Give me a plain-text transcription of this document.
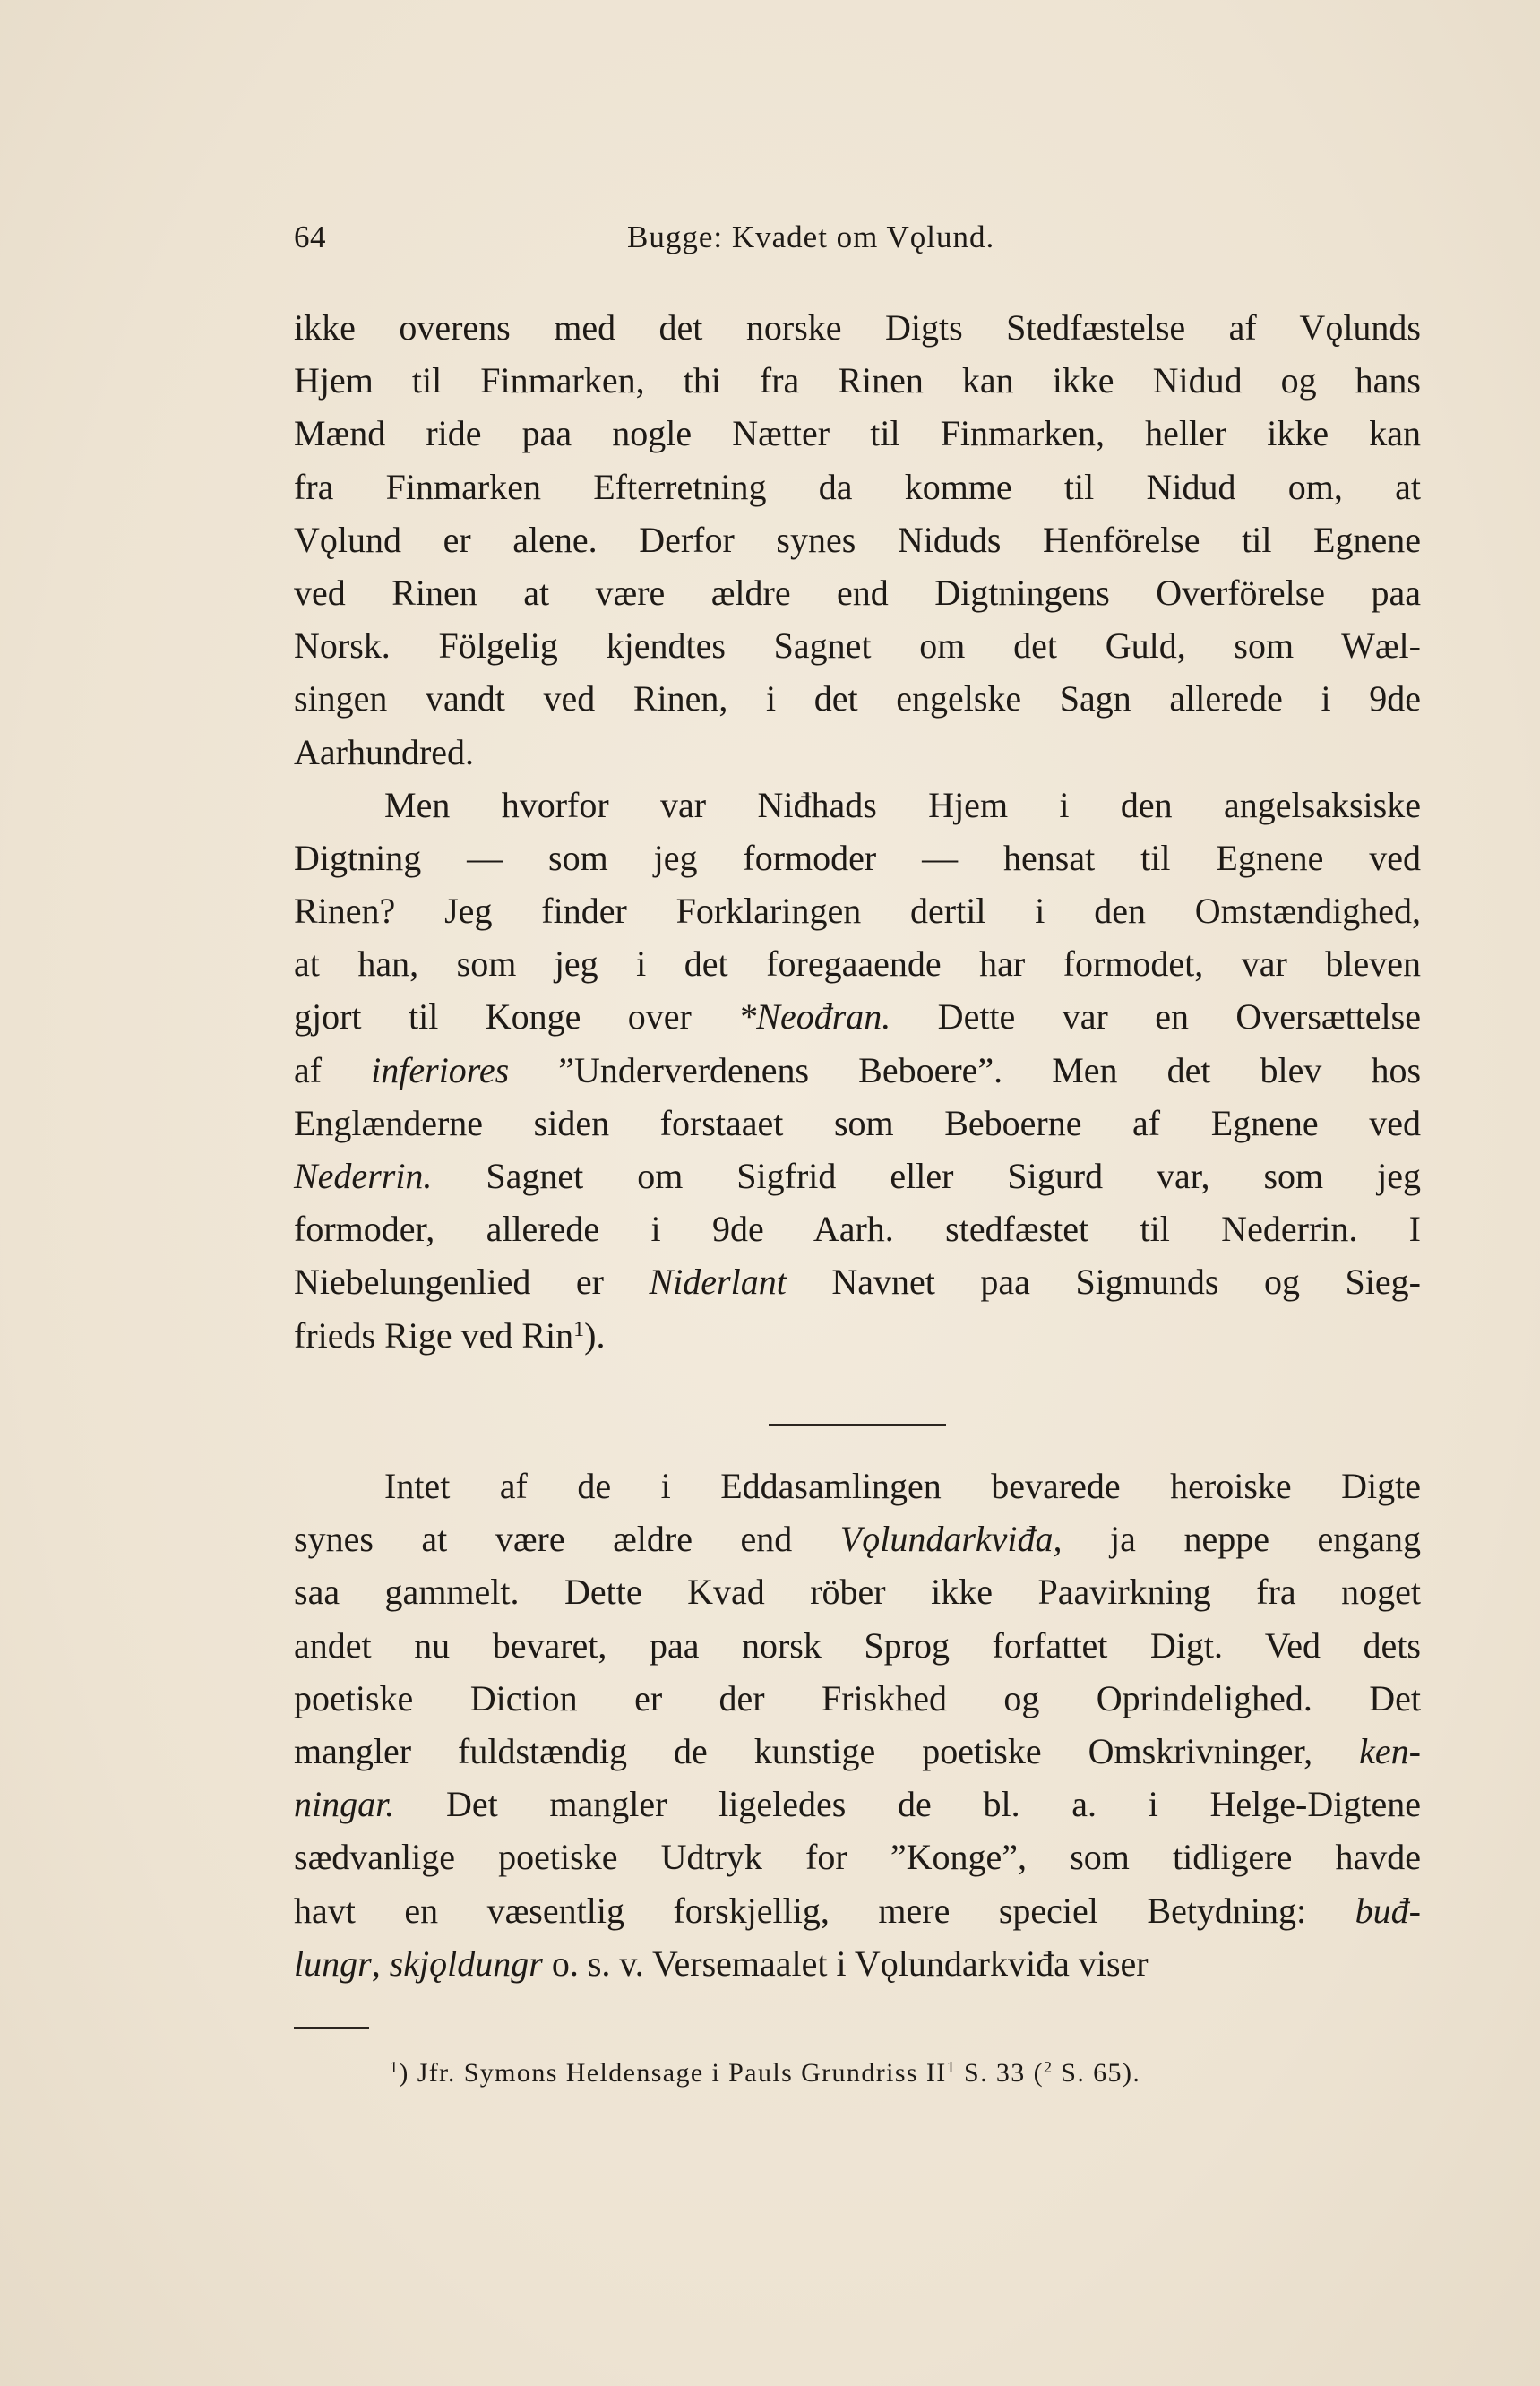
64	Bugge: Kvadet om Vǫlund.
ikke overens med det norske Digts Stedfæstelse af Vǫlunds
Hjem til Finmarken, thi fra Rinen kan ikke Nidud og hans
Mænd ride paa nogle Nætter til Finmarken, heller ikke kan
fra Finmarken Efterretning da komme til Nidud om, at
Vǫlund er alene. Derfor synes Niduds Henförelse til Egnene
ved Rinen at være ældre end Digtningens Overförelse paa
Norsk. Fölgelig kjendtes Sagnet om det Guld, som Wæl-
singen vandt ved Rinen, i det engelske Sagn allerede i 9de
Aarhundred.
Men hvorfor var Niđhads Hjem i den angelsaksiske
Digtning — som jeg formoder — hensat til Egnene ved
Rinen? Jeg finder Forklaringen dertil i den Omstændighed,
at han, som jeg i det foregaaende har formodet, var bleven
gjort til Konge over *Neođran. Dette var en Oversættelse
af inferiores ”Underverdenens Beboere”. Men det blev hos
Englænderne siden forstaaet som Beboerne af Egnene ved
Nederrin. Sagnet om Sigfrid eller Sigurd var, som jeg
formoder, allerede i 9de Aarh. stedfæstet til Nederrin. I
Niebelungenlied er Niderlant Navnet paa Sigmunds og Sieg-
frieds Rige ved Rin$^1$).
Intet af de i Eddasamlingen bevarede heroiske Digte
synes at være ældre end Vǫlundarkviđa, ja neppe engang
saa gammelt. Dette Kvad röber ikke Paavirkning fra noget
andet nu bevaret, paa norsk Sprog forfattet Digt. Ved dets
poetiske Diction er der Friskhed og Oprindelighed. Det
mangler fuldstændig de kunstige poetiske Omskrivninger, ken-
ningar. Det mangler ligeledes de bl. a. i Helge-Digtene
sædvanlige poetiske Udtryk for ”Konge”, som tidligere havde
havt en væsentlig forskjellig, mere speciel Betydning: buđ-
lungr, skjǫldungr o. s. v. Versemaalet i Vǫlundarkviđa viser
$^1$) Jfr. Symons Heldensage i Pauls Grundriss $II^1$ S. 33 ($^2$ S. 65).
